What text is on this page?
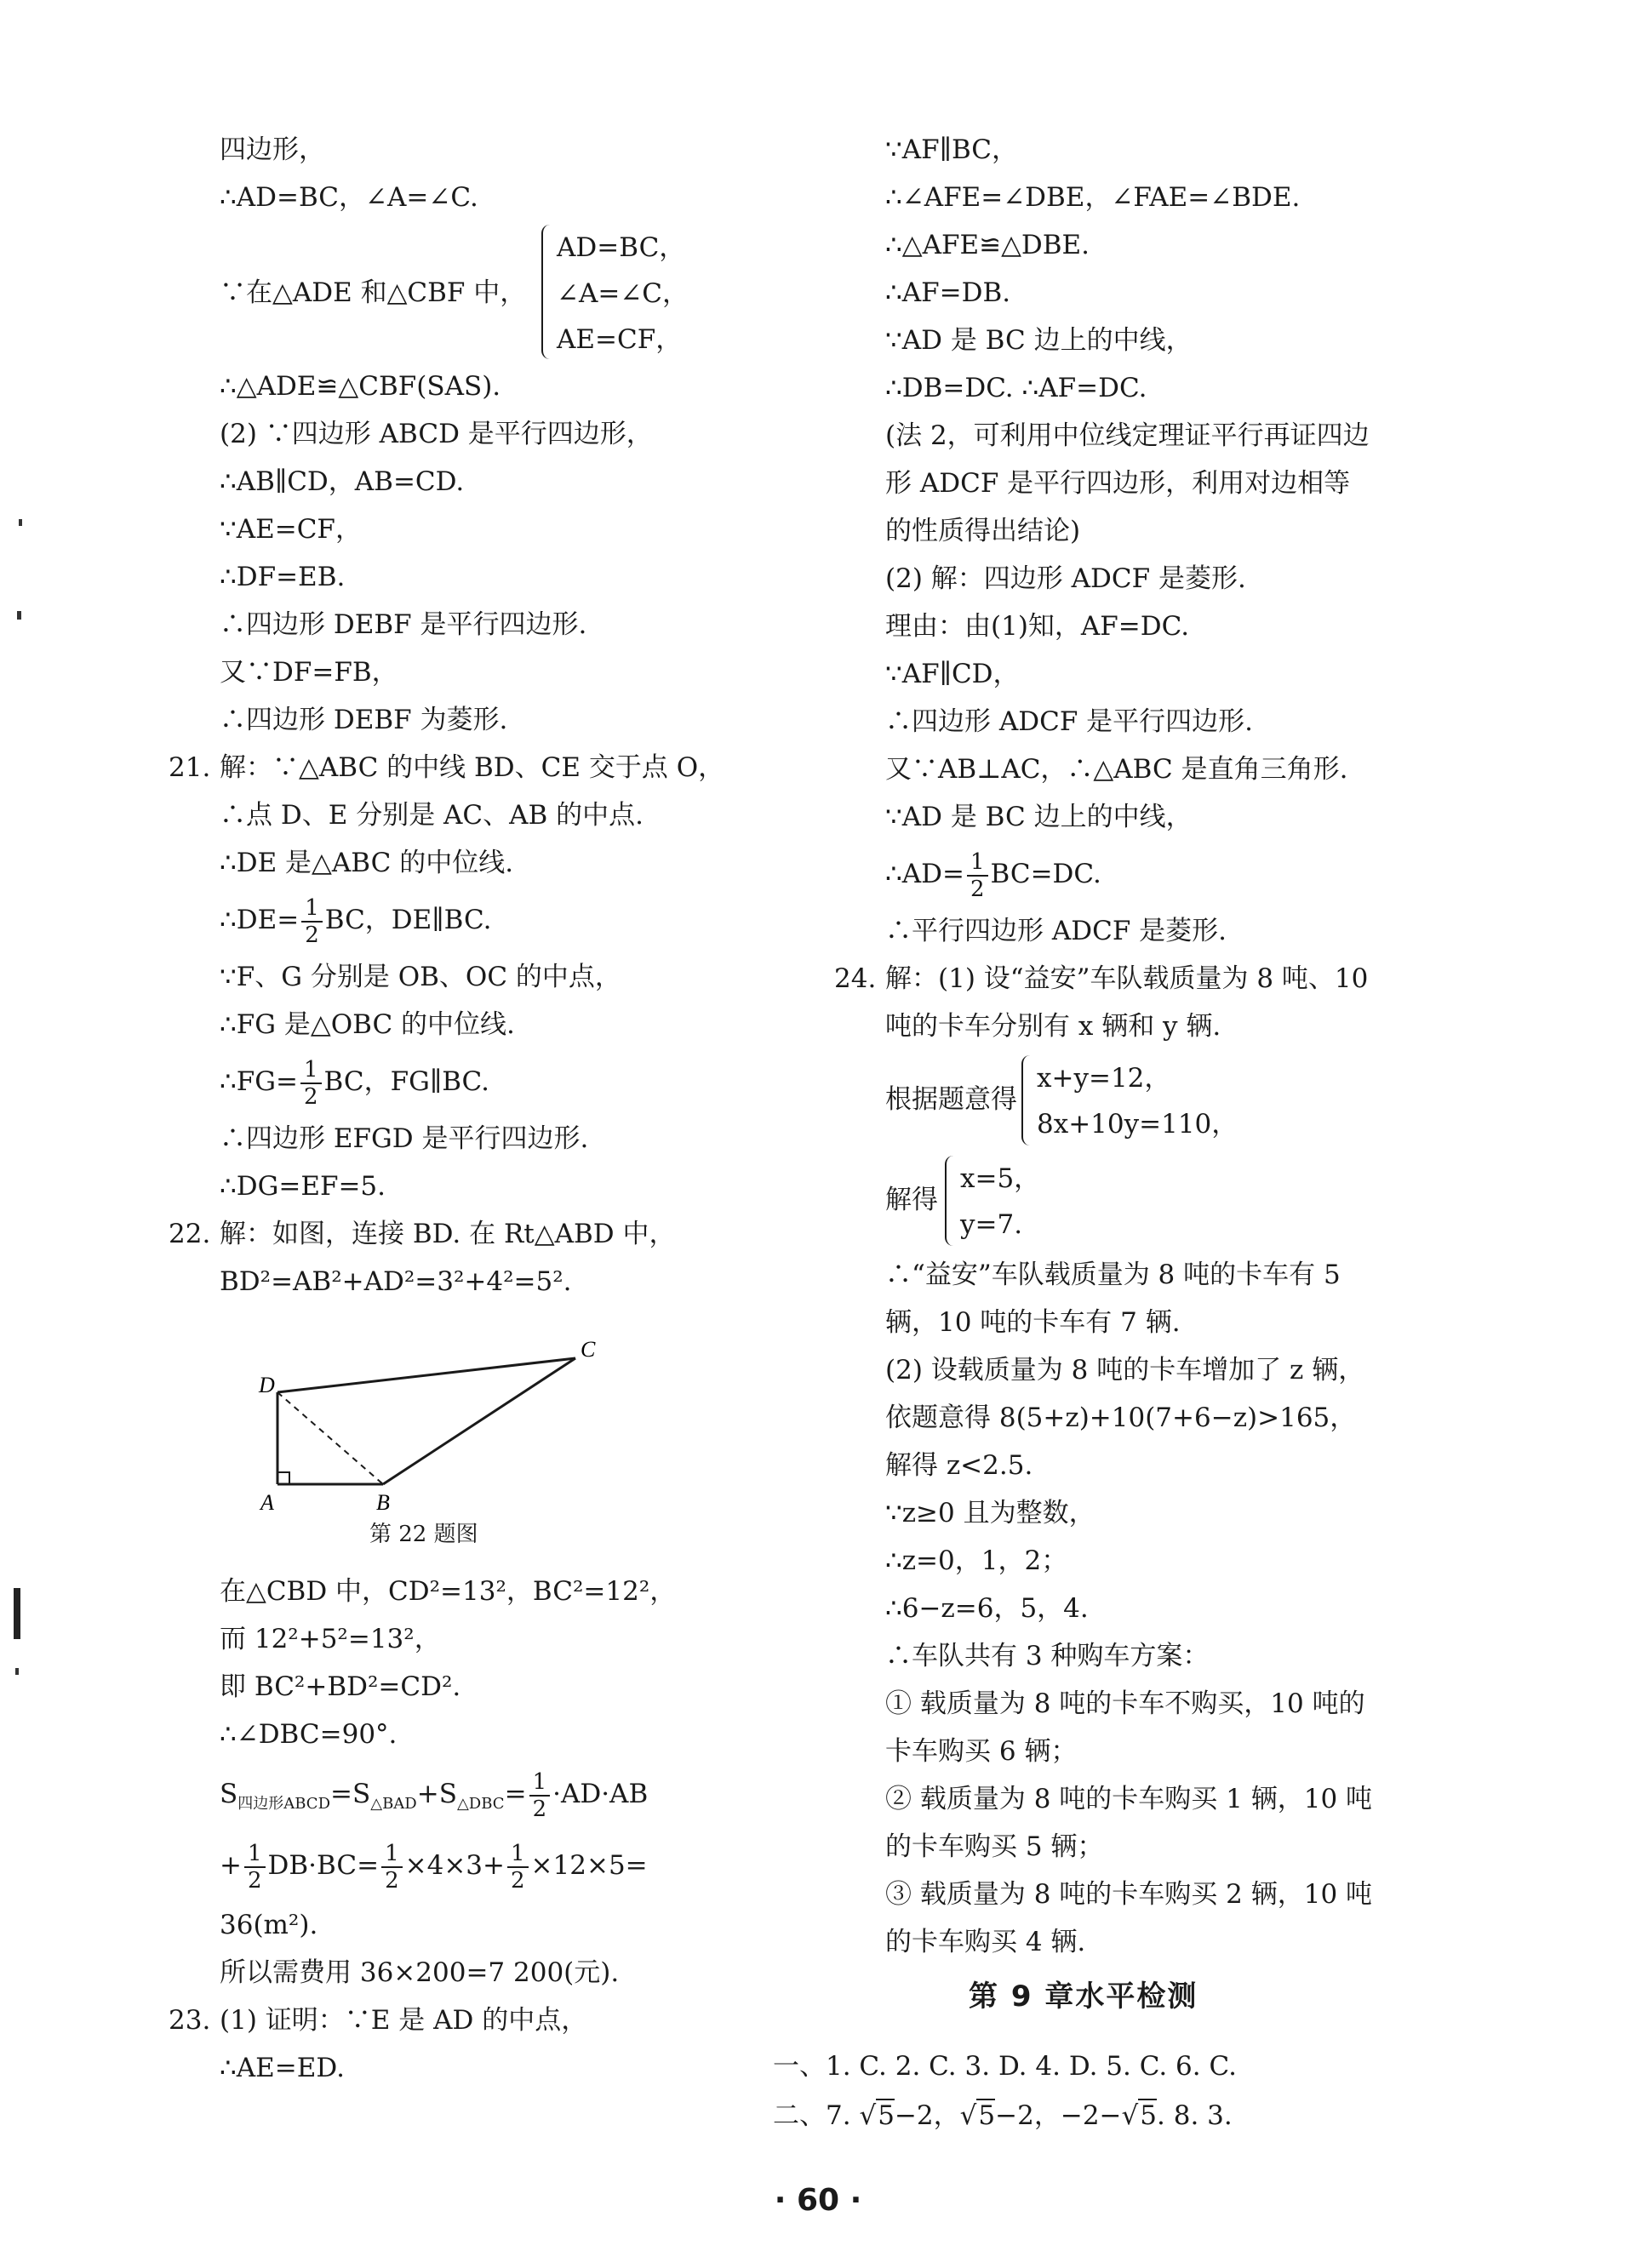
四边形，
∴AD=BC，∠A=∠C.
∵在△ADE 和△CBF 中，
AD=BC，
∠A=∠C，
AE=CF，
∴△ADE≌△CBF(SAS).
(2) ∵四边形 ABCD 是平行四边形，
∴AB∥CD，AB=CD.
∵AE=CF，
∴DF=EB.
∴四边形 DEBF 是平行四边形.
又∵DF=FB，
∴四边形 DEBF 为菱形.
21. 解：∵△ABC 的中线 BD、CE 交于点 O，
∴点 D、E 分别是 AC、AB 的中点.
∴DE 是△ABC 的中位线.
∴DE= $\frac{1}{2}$ BC，DE∥BC.
∵F、G 分别是 OB、OC 的中点，
∴FG 是△OBC 的中位线.
∴FG= $\frac{1}{2}$ BC，FG∥BC.
∴四边形 EFGD 是平行四边形.
∴DG=EF=5.
22. 解：如图，连接 BD. 在 Rt△ABD 中，
BD²=AB²+AD²=3²+4²=5².
D
A	B
C
第 22 题图
在△CBD 中，CD²=13²，BC²=12²，
而 12²+5²=13²，
即 BC²+BD²=CD².
∴∠DBC=90°.
$S_{四边形ABCD}=S_{\triangle BAD}+S_{\triangle DBC}= \frac{1}{2} \cdot AD\cdot AB$
+ $\frac{1}{2} DB\cdot BC= \frac{1}{2} \times 4\times 3+ \frac{1}{2} \times 12\times 5=$
36(m²).
所以需费用 36×200=7 200(元).
23. (1) 证明：∵E 是 AD 的中点，
∴AE=ED.
∵AF∥BC，
∴∠AFE=∠DBE，∠FAE=∠BDE.
∴△AFE≌△DBE.
∴AF=DB.
∵AD 是 BC 边上的中线，
∴DB=DC. ∴AF=DC.
(法 2，可利用中位线定理证平行再证四边
形 ADCF 是平行四边形，利用对边相等
的性质得出结论)
(2) 解：四边形 ADCF 是菱形.
理由：由(1)知，AF=DC.
∵AF∥CD，
∴四边形 ADCF 是平行四边形.
又∵AB⊥AC，∴△ABC 是直角三角形.
∵AD 是 BC 边上的中线，
∴AD= $\frac{1}{2} BC=DC$.
∴平行四边形 ADCF 是菱形.
24. 解：(1) 设“益安”车队载质量为 8 吨、10
吨的卡车分别有 x 辆和 y 辆.
根据题意得
x+y=12，
8x+10y=110，
解得
x=5，
y=7.
∴“益安”车队载质量为 8 吨的卡车有 5
辆，10 吨的卡车有 7 辆.
(2) 设载质量为 8 吨的卡车增加了 z 辆，
依题意得 8(5+z)+10(7+6−z)>165，
解得 z<2.5.
∵z≥0 且为整数，
∴z=0，1，2；
∴6−z=6，5，4.
∴车队共有 3 种购车方案：
① 载质量为 8 吨的卡车不购买，10 吨的
卡车购买 6 辆；
② 载质量为 8 吨的卡车购买 1 辆，10 吨
的卡车购买 5 辆；
③ 载质量为 8 吨的卡车购买 2 辆，10 吨
的卡车购买 4 辆.
第 9 章水平检测
一、1. C. 2. C. 3. D. 4. D. 5. C. 6. C.
二、7. √5−2，√5−2，−2−√5. 8. 3.
· 60 ·
